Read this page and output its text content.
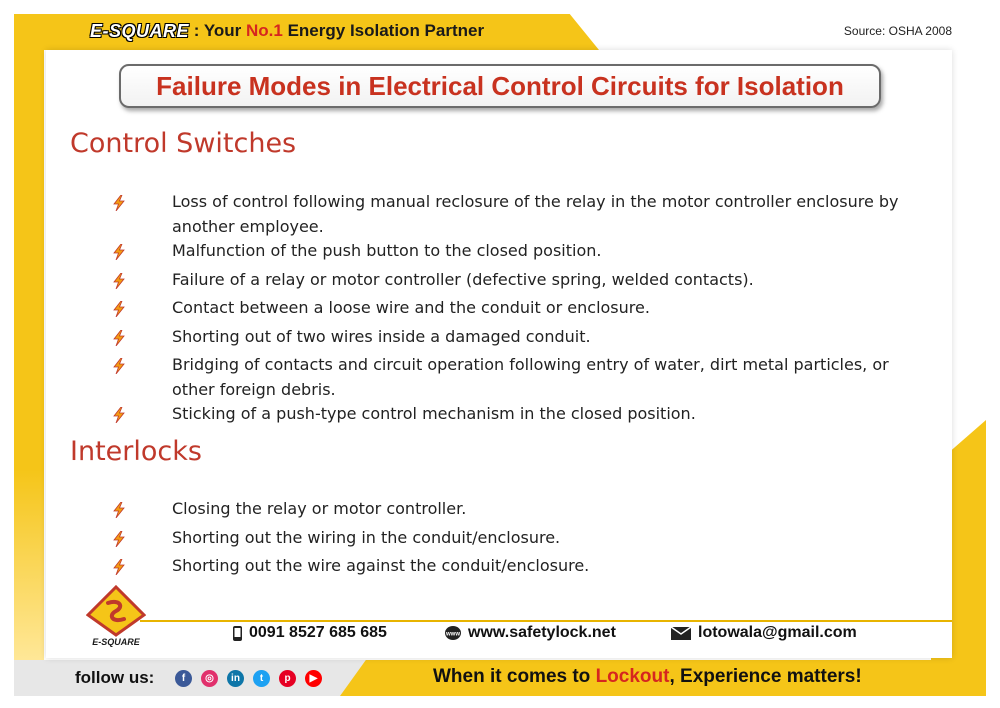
E-SQUARE : Your No.1 Energy Isolation Partner	Source: OSHA 2008
Failure Modes in Electrical Control Circuits for Isolation
Control Switches
Loss of control following manual reclosure of the relay in the motor controller enclosure by another employee.
Malfunction of the push button to the closed position.
Failure of a relay or motor controller (defective spring, welded contacts).
Contact between a loose wire and the conduit or enclosure.
Shorting out of two wires inside a damaged conduit.
Bridging of contacts and circuit operation following entry of water, dirt metal particles, or other foreign debris.
Sticking of a push-type control mechanism in the closed position.
Interlocks
Closing the relay or motor controller.
Shorting out the wiring in the conduit/enclosure.
Shorting out the wire against the conduit/enclosure.
E-SQUARE
0091 8527 685 685	www www.safetylock.net	lotowala@gmail.com
follow us:	f	◎	in	t	p	▶	When it comes to Lockout, Experience matters!
